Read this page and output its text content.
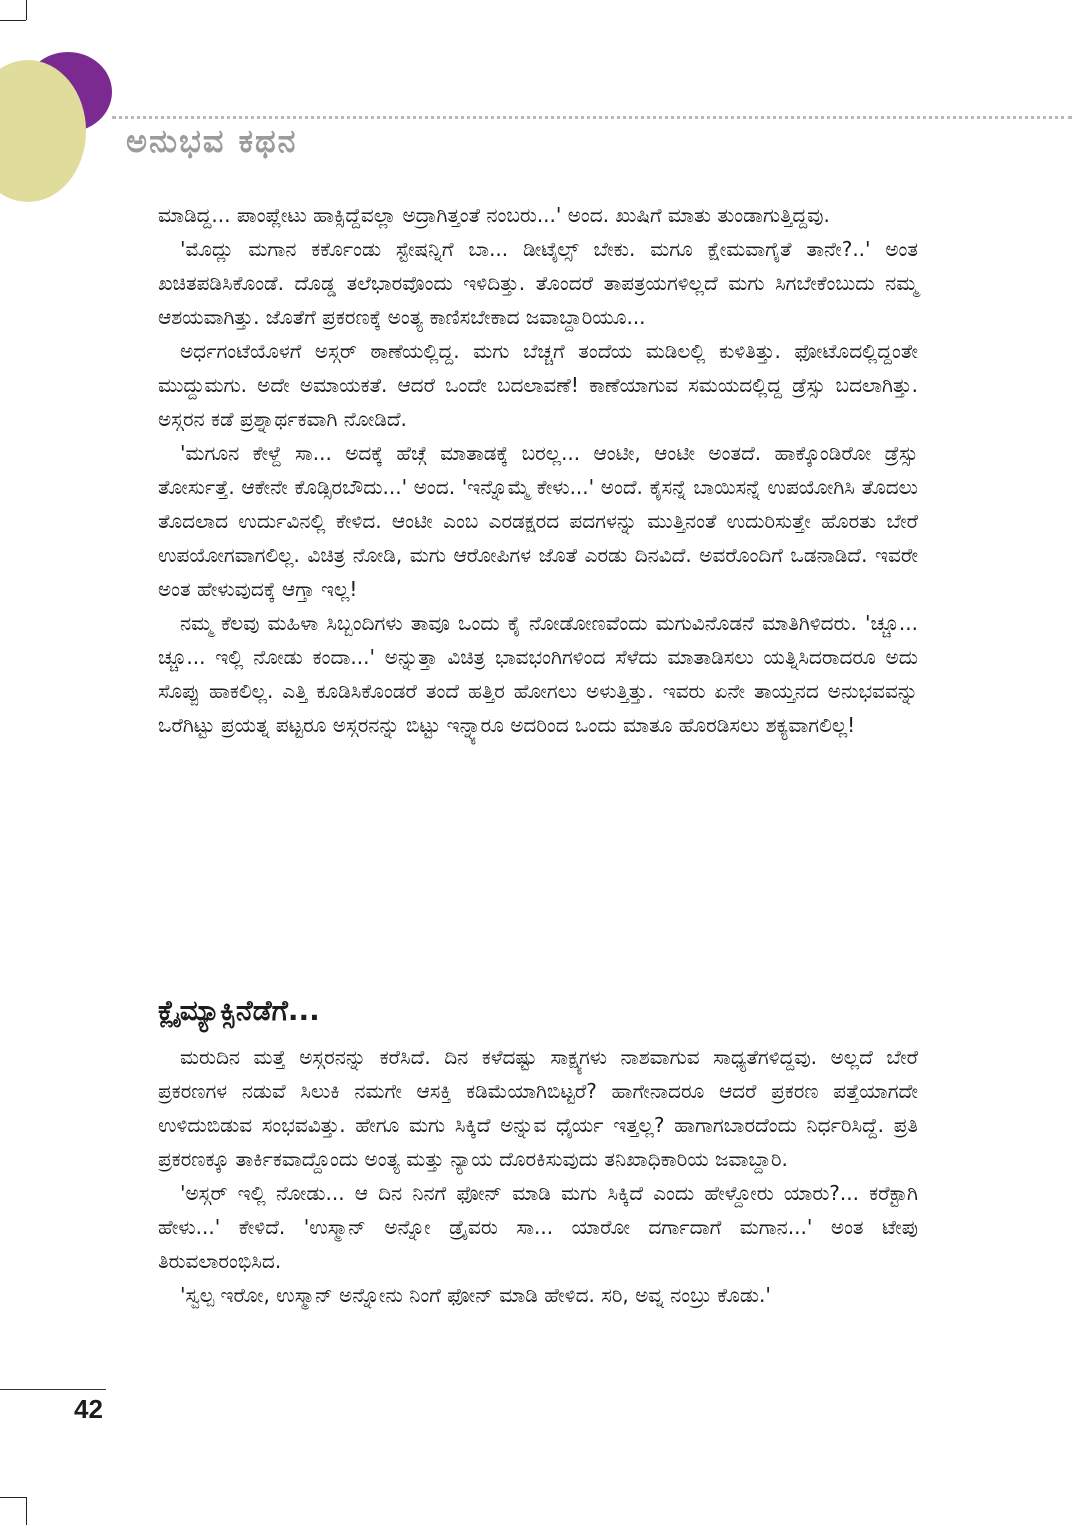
ಅನುಭವ ಕಥನ

ಮಾಡಿದ್ದ... ಪಾಂಪ್ಲೇಟು ಹಾಕ್ಸಿದ್ದೆವಲ್ಲಾ ಅದ್ರಾಗಿತ್ತಂತೆ ನಂಬರು...' ಅಂದ. ಖುಷಿಗೆ ಮಾತು ತುಂಡಾಗುತ್ತಿದ್ದವು.

'ಮೊದ್ಲು ಮಗಾನ ಕರ್ಕೊಂಡು ಸ್ಟೇಷನ್ನಿಗೆ ಬಾ... ಡೀಟೈಲ್ಸ್ ಬೇಕು. ಮಗೂ ಕ್ಷೇಮವಾಗೈತೆ ತಾನೇ?..' ಅಂತ ಖಚಿತಪಡಿಸಿಕೊಂಡೆ. ದೊಡ್ಡ ತಲೆಭಾರವೊಂದು ಇಳಿದಿತ್ತು. ತೊಂದರೆ ತಾಪತ್ರಯಗಳಿಲ್ಲದೆ ಮಗು ಸಿಗಬೇಕೆಂಬುದು ನಮ್ಮ ಆಶಯವಾಗಿತ್ತು. ಜೊತೆಗೆ ಪ್ರಕರಣಕ್ಕೆ ಅಂತ್ಯ ಕಾಣಿಸಬೇಕಾದ ಜವಾಬ್ದಾರಿಯೂ...

ಅರ್ಧಗಂಟೆಯೊಳಗೆ ಅಸ್ಗರ್ ಠಾಣೆಯಲ್ಲಿದ್ದ. ಮಗು ಬೆಚ್ಚಗೆ ತಂದೆಯ ಮಡಿಲಲ್ಲಿ ಕುಳಿತಿತ್ತು. ಫೋಟೊದಲ್ಲಿದ್ದಂತೇ ಮುದ್ದುಮಗು. ಅದೇ ಅಮಾಯಕತೆ. ಆದರೆ ಒಂದೇ ಬದಲಾವಣೆ! ಕಾಣೆಯಾಗುವ ಸಮಯದಲ್ಲಿದ್ದ ಡ್ರೆಸ್ಸು ಬದಲಾಗಿತ್ತು. ಅಸ್ಗರನ ಕಡೆ ಪ್ರಶ್ನಾರ್ಥಕವಾಗಿ ನೋಡಿದೆ.

'ಮಗೂನ ಕೇಳ್ದೆ ಸಾ... ಅದಕ್ಕೆ ಹೆಚ್ಗೆ ಮಾತಾಡಕ್ಕೆ ಬರಲ್ಲ... ಆಂಟೀ, ಆಂಟೀ ಅಂತದೆ. ಹಾಕ್ಕೊಂಡಿರೋ ಡ್ರೆಸ್ಸು ತೋರ್ಸುತ್ತೆ. ಆಕೇನೇ ಕೊಡ್ಸಿರಬೌದು...' ಅಂದ. 'ಇನ್ನೊಮ್ಮೆ ಕೇಳು...' ಅಂದೆ. ಕೈಸನ್ನೆ ಬಾಯಿಸನ್ನೆ ಉಪಯೋಗಿಸಿ ತೊದಲು ತೊದಲಾದ ಉರ್ದುವಿನಲ್ಲಿ ಕೇಳಿದ. ಆಂಟೀ ಎಂಬ ಎರಡಕ್ಷರದ ಪದಗಳನ್ನು ಮುತ್ತಿನಂತೆ ಉದುರಿಸುತ್ತೇ ಹೊರತು ಬೇರೆ ಉಪಯೋಗವಾಗಲಿಲ್ಲ. ವಿಚಿತ್ರ ನೋಡಿ, ಮಗು ಆರೋಪಿಗಳ ಜೊತೆ ಎರಡು ದಿನವಿದೆ. ಅವರೊಂದಿಗೆ ಒಡನಾಡಿದೆ. ಇವರೇ ಅಂತ ಹೇಳುವುದಕ್ಕೆ ಆಗ್ತಾ ಇಲ್ಲ!

ನಮ್ಮ ಕೆಲವು ಮಹಿಳಾ ಸಿಬ್ಬಂದಿಗಳು ತಾವೂ ಒಂದು ಕೈ ನೋಡೋಣವೆಂದು ಮಗುವಿನೊಡನೆ ಮಾತಿಗಿಳಿದರು. 'ಚ್ಚೂ... ಚ್ಚೂ... ಇಲ್ಲಿ ನೋಡು ಕಂದಾ...' ಅನ್ನುತ್ತಾ ವಿಚಿತ್ರ ಭಾವಭಂಗಿಗಳಿಂದ ಸೆಳೆದು ಮಾತಾಡಿಸಲು ಯತ್ನಿಸಿದರಾದರೂ ಅದು ಸೊಪ್ಪು ಹಾಕಲಿಲ್ಲ. ಎತ್ತಿ ಕೂಡಿಸಿಕೊಂಡರೆ ತಂದೆ ಹತ್ತಿರ ಹೋಗಲು ಅಳುತ್ತಿತ್ತು. ಇವರು ಏನೇ ತಾಯ್ತನದ ಅನುಭವವನ್ನು ಒರೆಗಿಟ್ಟು ಪ್ರಯತ್ನ ಪಟ್ಟರೂ ಅಸ್ಗರನನ್ನು ಬಿಟ್ಟು ಇನ್ನ್ಯಾರೂ ಅದರಿಂದ ಒಂದು ಮಾತೂ ಹೊರಡಿಸಲು ಶಕ್ಯವಾಗಲಿಲ್ಲ!

ಕ್ಲೈಮ್ಯಾಕ್ಸಿನೆಡೆಗೆ...

ಮರುದಿನ ಮತ್ತೆ ಅಸ್ಗರನನ್ನು ಕರೆಸಿದೆ. ದಿನ ಕಳೆದಷ್ಟು ಸಾಕ್ಷ್ಯಗಳು ನಾಶವಾಗುವ ಸಾಧ್ಯತೆಗಳಿದ್ದವು. ಅಲ್ಲದೆ ಬೇರೆ ಪ್ರಕರಣಗಳ ನಡುವೆ ಸಿಲುಕಿ ನಮಗೇ ಆಸಕ್ತಿ ಕಡಿಮೆಯಾಗಿಬಿಟ್ಟರೆ? ಹಾಗೇನಾದರೂ ಆದರೆ ಪ್ರಕರಣ ಪತ್ತೆಯಾಗದೇ ಉಳಿದುಬಿಡುವ ಸಂಭವವಿತ್ತು. ಹೇಗೂ ಮಗು ಸಿಕ್ಕಿದೆ ಅನ್ನುವ ಧೈರ್ಯ ಇತ್ತಲ್ಲ? ಹಾಗಾಗಬಾರದೆಂದು ನಿರ್ಧರಿಸಿದ್ದೆ. ಪ್ರತಿ ಪ್ರಕರಣಕ್ಕೂ ತಾರ್ಕಿಕವಾದ್ದೊಂದು ಅಂತ್ಯ ಮತ್ತು ನ್ಯಾಯ ದೊರಕಿಸುವುದು ತನಿಖಾಧಿಕಾರಿಯ ಜವಾಬ್ದಾರಿ.

'ಅಸ್ಗರ್ ಇಲ್ಲಿ ನೋಡು... ಆ ದಿನ ನಿನಗೆ ಫೋನ್ ಮಾಡಿ ಮಗು ಸಿಕ್ಕಿದೆ ಎಂದು ಹೇಳ್ದೋರು ಯಾರು?... ಕರೆಕ್ಟಾಗಿ ಹೇಳು...' ಕೇಳಿದೆ. 'ಉಸ್ಮಾನ್ ಅನ್ನೋ ಡ್ರೈವರು ಸಾ... ಯಾರೋ ದರ್ಗಾದಾಗೆ ಮಗಾನ...' ಅಂತ ಟೇಪು ತಿರುವಲಾರಂಭಿಸಿದ.

'ಸ್ವಲ್ಪ ಇರೋ, ಉಸ್ಮಾನ್ ಅನ್ನೋನು ನಿಂಗೆ ಫೋನ್ ಮಾಡಿ ಹೇಳಿದ. ಸರಿ, ಅವ್ನ ನಂಬ್ರು ಕೊಡು.'

42
